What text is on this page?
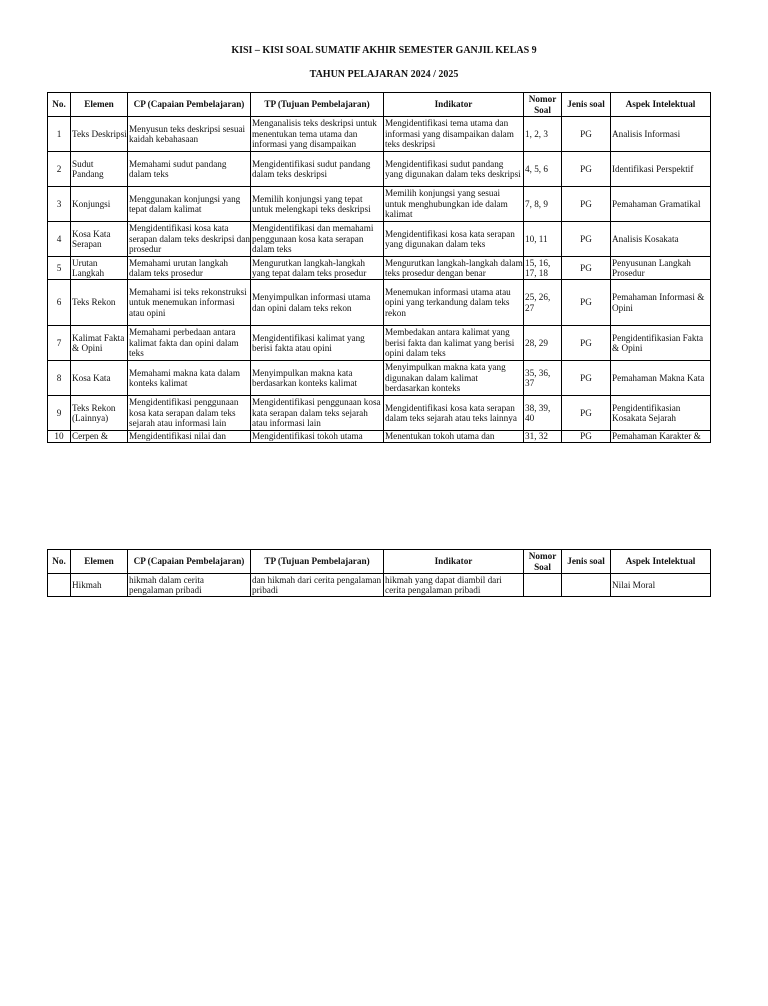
KISI – KISI SOAL SUMATIF AKHIR SEMESTER GANJIL KELAS 9
TAHUN PELAJARAN 2024 / 2025
No.	Elemen	CP (Capaian Pembelajaran)	TP (Tujuan Pembelajaran)	Indikator	Nomor Soal	Jenis soal	Aspek Intelektual
1	Teks Deskripsi	Menyusun teks deskripsi sesuai kaidah kebahasaan	Menganalisis teks deskripsi untuk menentukan tema utama dan informasi yang disampaikan	Mengidentifikasi tema utama dan informasi yang disampaikan dalam teks deskripsi	1, 2, 3	PG	Analisis Informasi
2	Sudut Pandang	Memahami sudut pandang dalam teks	Mengidentifikasi sudut pandang dalam teks deskripsi	Mengidentifikasi sudut pandang yang digunakan dalam teks deskripsi	4, 5, 6	PG	Identifikasi Perspektif
3	Konjungsi	Menggunakan konjungsi yang tepat dalam kalimat	Memilih konjungsi yang tepat untuk melengkapi teks deskripsi	Memilih konjungsi yang sesuai untuk menghubungkan ide dalam kalimat	7, 8, 9	PG	Pemahaman Gramatikal
4	Kosa Kata Serapan	Mengidentifikasi kosa kata serapan dalam teks deskripsi dan prosedur	Mengidentifikasi dan memahami penggunaan kosa kata serapan dalam teks	Mengidentifikasi kosa kata serapan yang digunakan dalam teks	10, 11	PG	Analisis Kosakata
5	Urutan Langkah	Memahami urutan langkah dalam teks prosedur	Mengurutkan langkah-langkah yang tepat dalam teks prosedur	Mengurutkan langkah-langkah dalam teks prosedur dengan benar	15, 16, 17, 18	PG	Penyusunan Langkah Prosedur
6	Teks Rekon	Memahami isi teks rekonstruksi untuk menemukan informasi atau opini	Menyimpulkan informasi utama dan opini dalam teks rekon	Menemukan informasi utama atau opini yang terkandung dalam teks rekon	25, 26, 27	PG	Pemahaman Informasi & Opini
7	Kalimat Fakta & Opini	Memahami perbedaan antara kalimat fakta dan opini dalam teks	Mengidentifikasi kalimat yang berisi fakta atau opini	Membedakan antara kalimat yang berisi fakta dan kalimat yang berisi opini dalam teks	28, 29	PG	Pengidentifikasian Fakta & Opini
8	Kosa Kata	Memahami makna kata dalam konteks kalimat	Menyimpulkan makna kata berdasarkan konteks kalimat	Menyimpulkan makna kata yang digunakan dalam kalimat berdasarkan konteks	35, 36, 37	PG	Pemahaman Makna Kata
9	Teks Rekon (Lainnya)	Mengidentifikasi penggunaan kosa kata serapan dalam teks sejarah atau informasi lain	Mengidentifikasi penggunaan kosa kata serapan dalam teks sejarah atau informasi lain	Mengidentifikasi kosa kata serapan dalam teks sejarah atau teks lainnya	38, 39, 40	PG	Pengidentifikasian Kosakata Sejarah
10	Cerpen &	Mengidentifikasi nilai dan	Mengidentifikasi tokoh utama	Menentukan tokoh utama dan	31, 32	PG	Pemahaman Karakter &
No.	Elemen	CP (Capaian Pembelajaran)	TP (Tujuan Pembelajaran)	Indikator	Nomor Soal	Jenis soal	Aspek Intelektual
	Hikmah	hikmah dalam cerita pengalaman pribadi	dan hikmah dari cerita pengalaman pribadi	hikmah yang dapat diambil dari cerita pengalaman pribadi			Nilai Moral
